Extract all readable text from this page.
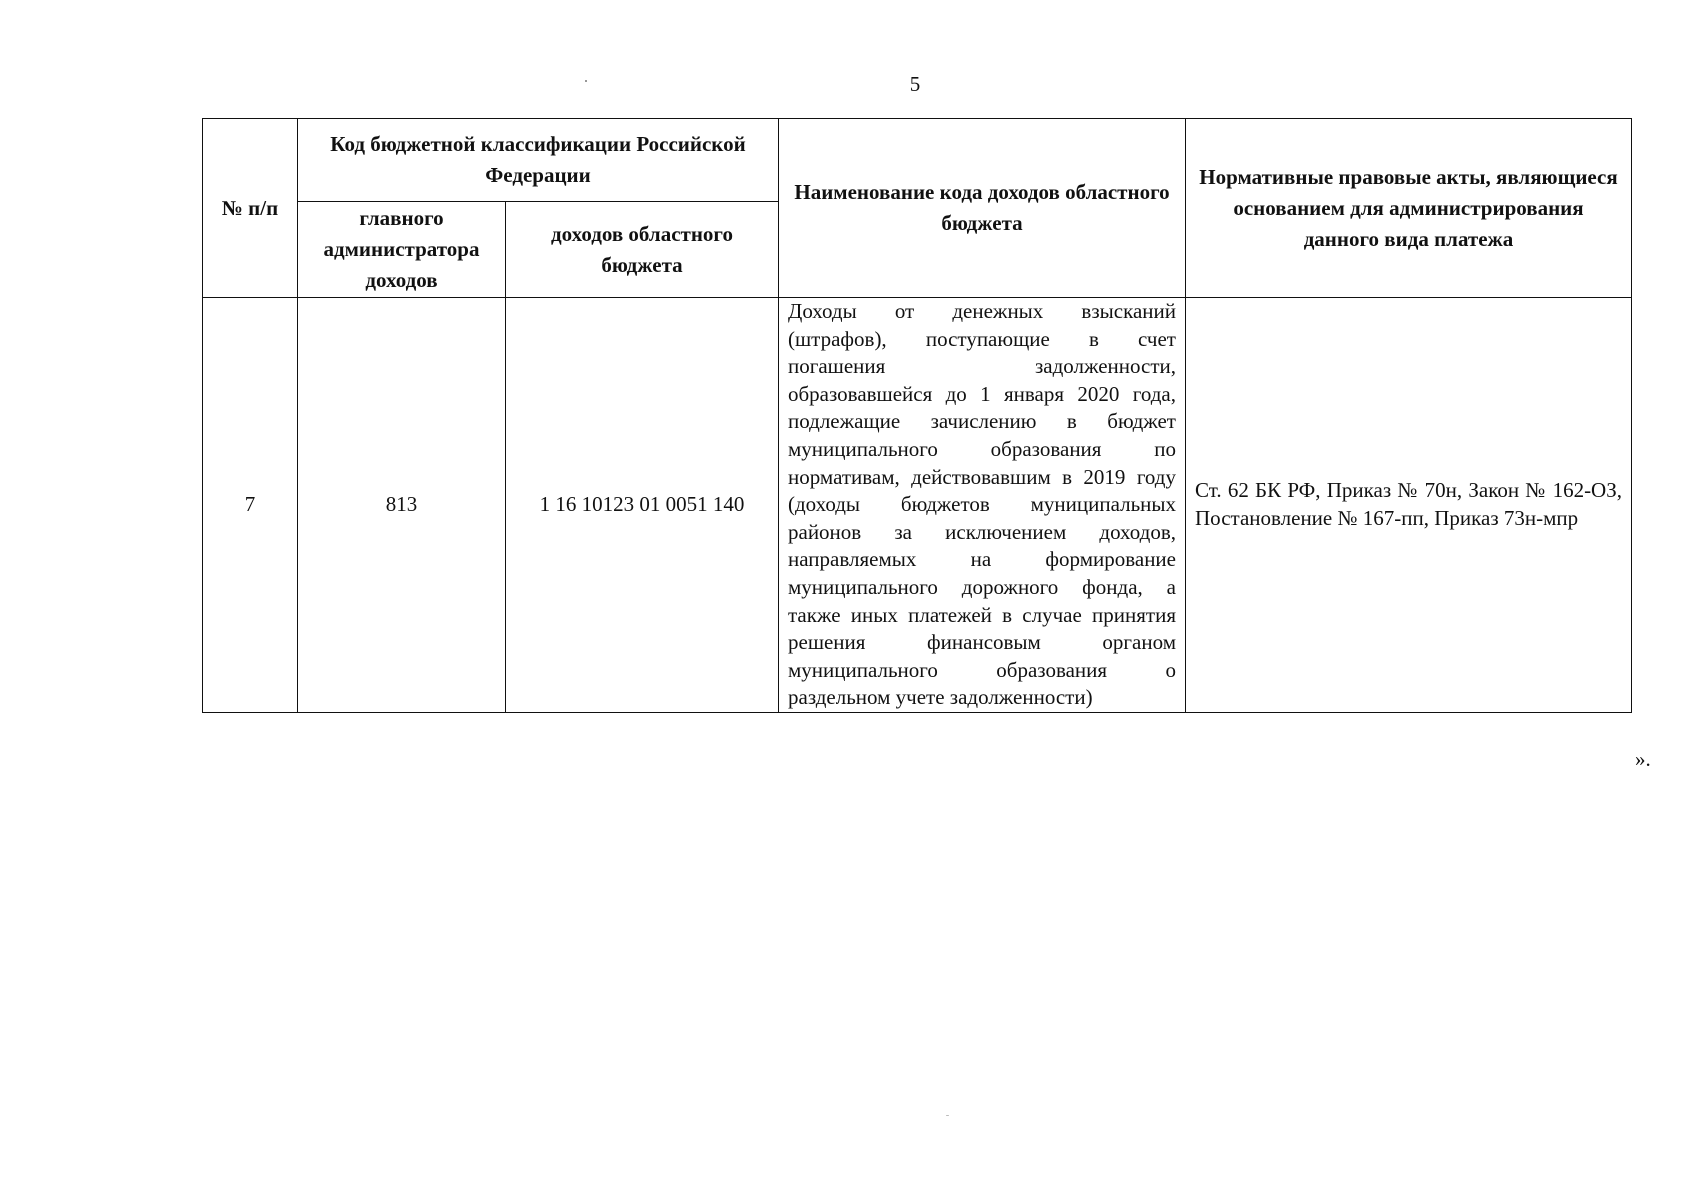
5
№ п/п	Код бюджетной классификации Российской Федерации		Наименование кода доходов областного бюджета	Нормативные правовые акты, являющиеся основанием для администрирования данного вида платежа
	главного администратора доходов	доходов областного бюджета		
7	813	1 16 10123 01 0051 140	Доходы от денежных взысканий (штрафов), поступающие в счет погашения задолженности, образовавшейся до 1 января 2020 года, подлежащие зачислению в бюджет муниципального образования по нормативам, действовавшим в 2019 году (доходы бюджетов муниципальных районов за исключением доходов, направляемых на формирование муниципального дорожного фонда, а также иных платежей в случае принятия решения финансовым органом муниципального образования о раздельном учете задолженности)	Ст. 62 БК РФ, Приказ № 70н, Закон № 162-ОЗ, Постановление № 167-пп, Приказ 73н-мпр
».
